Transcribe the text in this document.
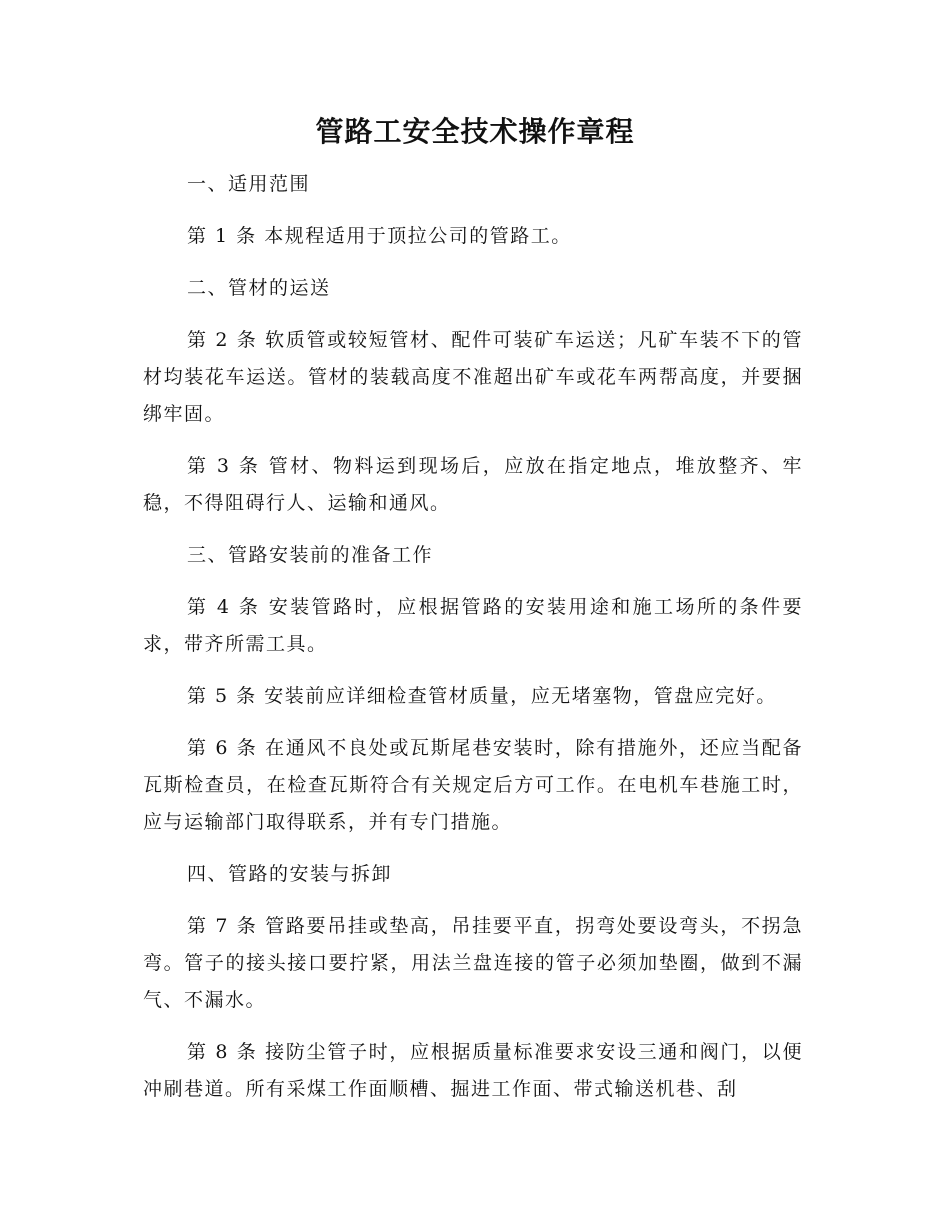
管路工安全技术操作章程

一、适用范围

第 1 条 本规程适用于顶拉公司的管路工。

二、管材的运送

第 2 条 软质管或较短管材、配件可装矿车运送；凡矿车装不下的管材均装花车运送。管材的装载高度不准超出矿车或花车两帮高度，并要捆绑牢固。

第 3 条 管材、物料运到现场后，应放在指定地点，堆放整齐、牢稳，不得阻碍行人、运输和通风。

三、管路安装前的准备工作

第 4 条 安装管路时，应根据管路的安装用途和施工场所的条件要求，带齐所需工具。

第 5 条 安装前应详细检查管材质量，应无堵塞物，管盘应完好。

第 6 条 在通风不良处或瓦斯尾巷安装时，除有措施外，还应当配备瓦斯检查员，在检查瓦斯符合有关规定后方可工作。在电机车巷施工时，应与运输部门取得联系，并有专门措施。

四、管路的安装与拆卸

第 7 条 管路要吊挂或垫高，吊挂要平直，拐弯处要设弯头，不拐急弯。管子的接头接口要拧紧，用法兰盘连接的管子必须加垫圈，做到不漏气、不漏水。

第 8 条 接防尘管子时，应根据质量标准要求安设三通和阀门，以便冲刷巷道。所有采煤工作面顺槽、掘进工作面、带式输送机巷、刮
